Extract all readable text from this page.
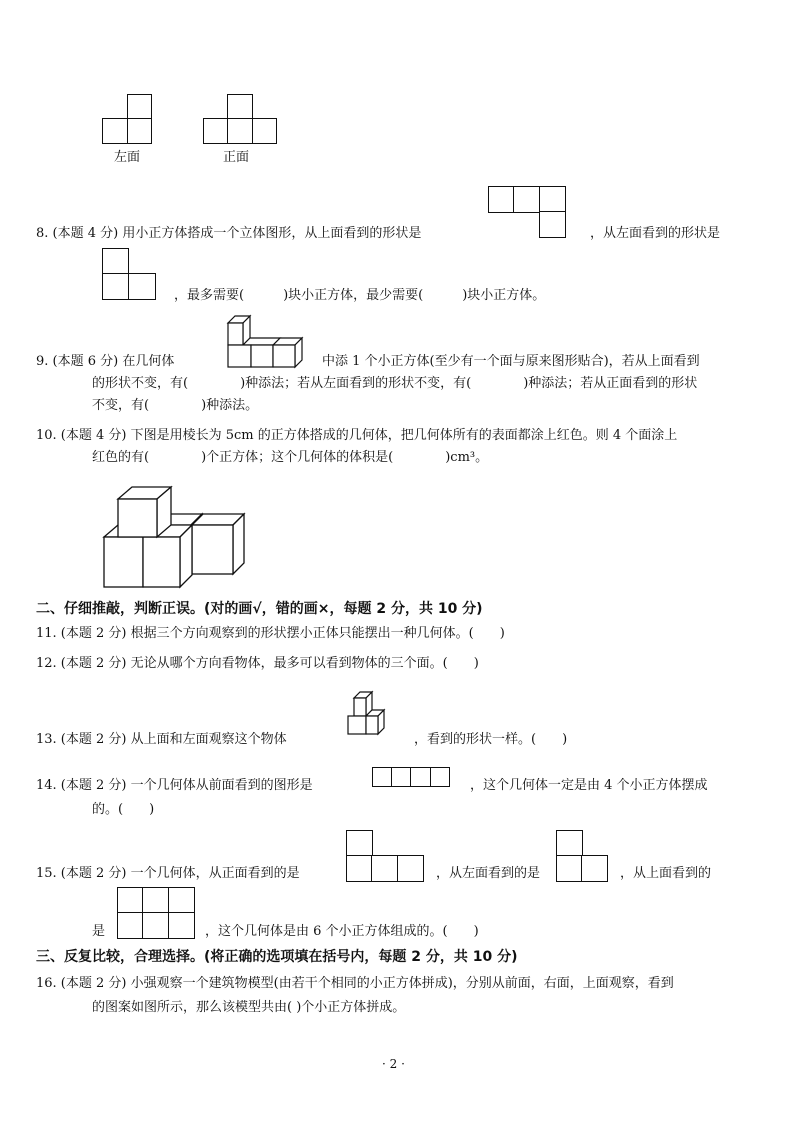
左面	正面
8. (本题 4 分) 用小正方体搭成一个立体图形，从上面看到的形状是	，从左面看到的形状是
，最多需要(　　　)块小正方体，最少需要(　　　)块小正方体。
9. (本题 6 分) 在几何体	中添 1 个小正方体(至少有一个面与原来图形贴合)，若从上面看到
的形状不变，有(　　　　)种添法；若从左面看到的形状不变，有(　　　　)种添法；若从正面看到的形状
不变，有(　　　　)种添法。
10. (本题 4 分) 下图是用棱长为 5cm 的正方体搭成的几何体，把几何体所有的表面都涂上红色。则 4 个面涂上
红色的有(　　　　)个正方体；这个几何体的体积是(　　　　)cm³。
二、仔细推敲，判断正误。(对的画√，错的画×，每题 2 分，共 10 分)
11. (本题 2 分) 根据三个方向观察到的形状摆小正体只能摆出一种几何体。(　　)
12. (本题 2 分) 无论从哪个方向看物体，最多可以看到物体的三个面。(　　)
13. (本题 2 分) 从上面和左面观察这个物体	，看到的形状一样。(　　)
14. (本题 2 分) 一个几何体从前面看到的图形是	，这个几何体一定是由 4 个小正方体摆成
的。(　　)
15. (本题 2 分) 一个几何体，从正面看到的是	，从左面看到的是	，从上面看到的
是	，这个几何体是由 6 个小正方体组成的。(　　)
三、反复比较，合理选择。(将正确的选项填在括号内，每题 2 分，共 10 分)
16. (本题 2 分) 小强观察一个建筑物模型(由若干个相同的小正方体拼成)，分别从前面，右面，上面观察，看到
的图案如图所示，那么该模型共由( )个小正方体拼成。
· 2 ·
